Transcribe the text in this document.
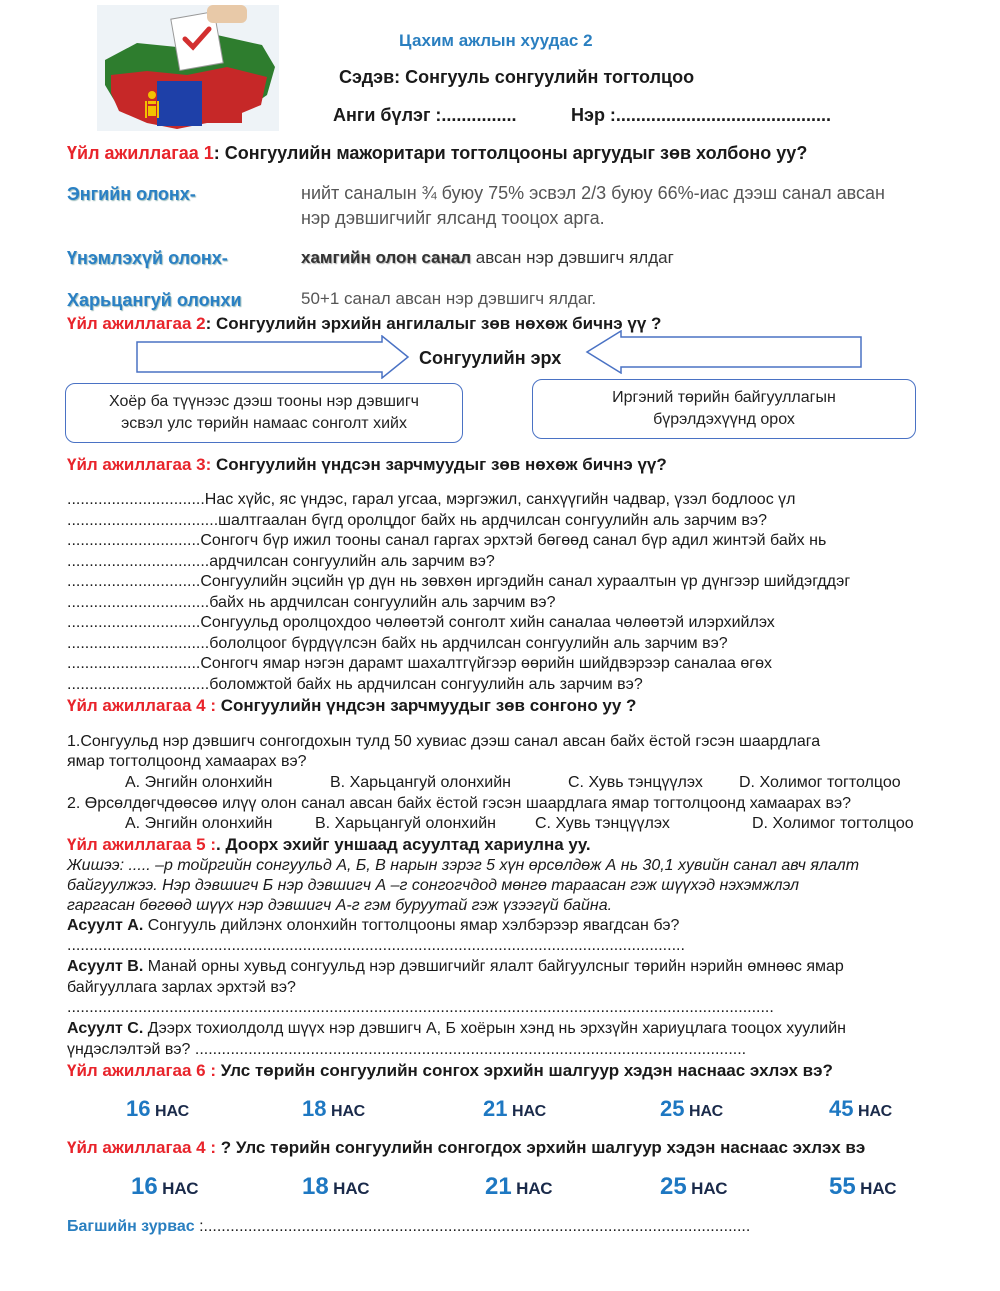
Цахим ажлын хуудас 2
Сэдэв: Сонгууль сонгуулийн тогтолцоо
Анги бүлэг :...............	Нэр :...........................................
Үйл ажиллагаа 1: Сонгуулийн мажоритари тогтолцооны аргуудыг зөв холбоно уу?
Энгийн олонх-	нийт саналын ¾ буюу 75% эсвэл 2/3 буюу 66%-иас дээш санал авсан
нэр дэвшигчийг ялсанд тооцох арга.
Үнэмлэхүй олонх-	хамгийн олон санал авсан нэр дэвшигч ялдаг
Харьцангуй олонхи	50+1 санал авсан нэр дэвшигч ялдаг.
Үйл ажиллагаа 2: Сонгуулийн эрхийн ангилалыг зөв нөхөж бичнэ үү ?
Сонгуулийн эрх
Хоёр ба түүнээс дээш тооны нэр дэвшигч
эсвэл улс төрийн намаас сонголт хийх
Иргэний төрийн байгууллагын
бүрэлдэхүүнд орох
Үйл ажиллагаа 3: Сонгуулийн үндсэн зарчмуудыг зөв нөхөж бичнэ үү?
...............................Нас хүйс, яс үндэс, гарал угсаа, мэргэжил, санхүүгийн чадвар, үзэл бодлоос үл
..................................шалтгаалан бүгд оролцдог байх нь ардчилсан сонгуулийн аль зарчим вэ?
..............................Сонгогч бүр ижил тооны санал гаргах эрхтэй бөгөөд санал бүр адил жинтэй байх нь
................................ардчилсан сонгуулийн аль зарчим вэ?
..............................Сонгуулийн эцсийн үр дүн нь зөвхөн иргэдийн санал хураалтын үр дүнгээр шийдэгддэг
................................байх нь ардчилсан сонгуулийн аль зарчим вэ?
..............................Сонгуульд оролцохдоо чөлөөтэй сонголт хийн саналаа чөлөөтэй илэрхийлэх
................................бололцоог бүрдүүлсэн байх нь ардчилсан сонгуулийн аль зарчим вэ?
..............................Сонгогч ямар нэгэн дарамт шахалтгүйгээр өөрийн шийдвэрээр саналаа өгөх
................................боломжтой байх нь ардчилсан сонгуулийн аль зарчим вэ?
Үйл ажиллагаа 4 : Сонгуулийн үндсэн зарчмуудыг зөв сонгоно уу ?
1.Сонгуульд нэр дэвшигч сонгогдохын тулд 50 хувиас дээш санал авсан байх ёстой гэсэн шаардлага
ямар тогтолцоонд хамаарах вэ?
A. Энгийн олонхийн	B. Харьцангуй олонхийн	C. Хувь тэнцүүлэх D. Холимог тогтолцоо
2. Өрсөлдөгчдөөсөө илүү олон санал авсан байх ёстой гэсэн шаардлага ямар тогтолцоонд хамаарах вэ?
A. Энгийн олонхийн	B. Харьцангуй олонхийн C. Хувь тэнцүүлэх	D. Холимог тогтолцоо
Үйл ажиллагаа 5 :. Доорх эхийг уншаад асуултад хариулна уу.
Жишээ: ..... –р тойргийн сонгуульд А, Б, В нарын зэрэг 5 хүн өрсөлдөж А нь 30,1 хувийн санал авч ялалт
байгуулжээ. Нэр дэвшигч Б нэр дэвшигч А –г сонгогчдод мөнгө тараасан гэж шүүхэд нэхэмжлэл
гаргасан бөгөөд шүүх нэр дэвшигч А-г гэм буруутай гэж үзээгүй байна.
Асуулт А. Сонгууль дийлэнх олонхийн тогтолцооны ямар хэлбэрээр явагдсан бэ?
...........................................................................................................................................
Асуулт В. Манай орны хувьд сонгуульд нэр дэвшигчийг ялалт байгуулсныг төрийн нэрийн өмнөөс ямар
байгууллага зарлах эрхтэй вэ?
...............................................................................................................................................................
Асуулт С. Дээрх тохиолдолд шүүх нэр дэвшигч А, Б хоёрын хэнд нь эрхзүйн хариуцлага тооцох хуулийн
үндэслэлтэй вэ? ............................................................................................................................
Үйл ажиллагаа 6 : Улс төрийн сонгуулийн сонгох эрхийн шалгуур хэдэн наснаас эхлэх вэ?
16 НАС	18 НАС	21 НАС	25 НАС	45 НАС
Үйл ажиллагаа 4 : ? Улс төрийн сонгуулийн сонгогдох эрхийн шалгуур хэдэн наснаас эхлэх вэ
16 НАС	18 НАС	21 НАС	25 НАС	55 НАС
Багшийн зурвас :...........................................................................................................................
